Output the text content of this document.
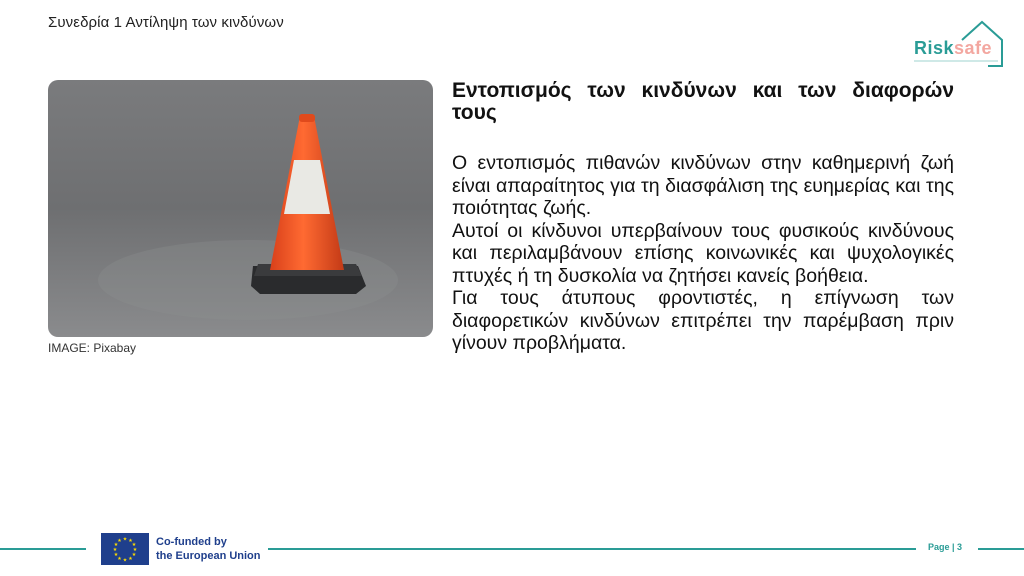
Συνεδρία 1 Αντίληψη των κινδύνων
Risksafe
IMAGE: Pixabay
Εντοπισμός των κινδύνων και των διαφορών τους

Ο εντοπισμός πιθανών κινδύνων στην καθημερινή ζωή είναι απαραίτητος για τη διασφάλιση της ευημερίας και της ποιότητας ζωής.

Αυτοί οι κίνδυνοι υπερβαίνουν τους φυσικούς κινδύνους και περιλαμβάνουν επίσης κοινωνικές και ψυχολογικές πτυχές ή τη δυσκολία να ζητήσει κανείς βοήθεια.

Για τους άτυπους φροντιστές, η επίγνωση των διαφορετικών κινδύνων επιτρέπει την παρέμβαση πριν γίνουν προβλήματα.

★ ★
★
★
★
★
★
★
★
★
★
★	Co-funded by
the European Union
Page | 3
